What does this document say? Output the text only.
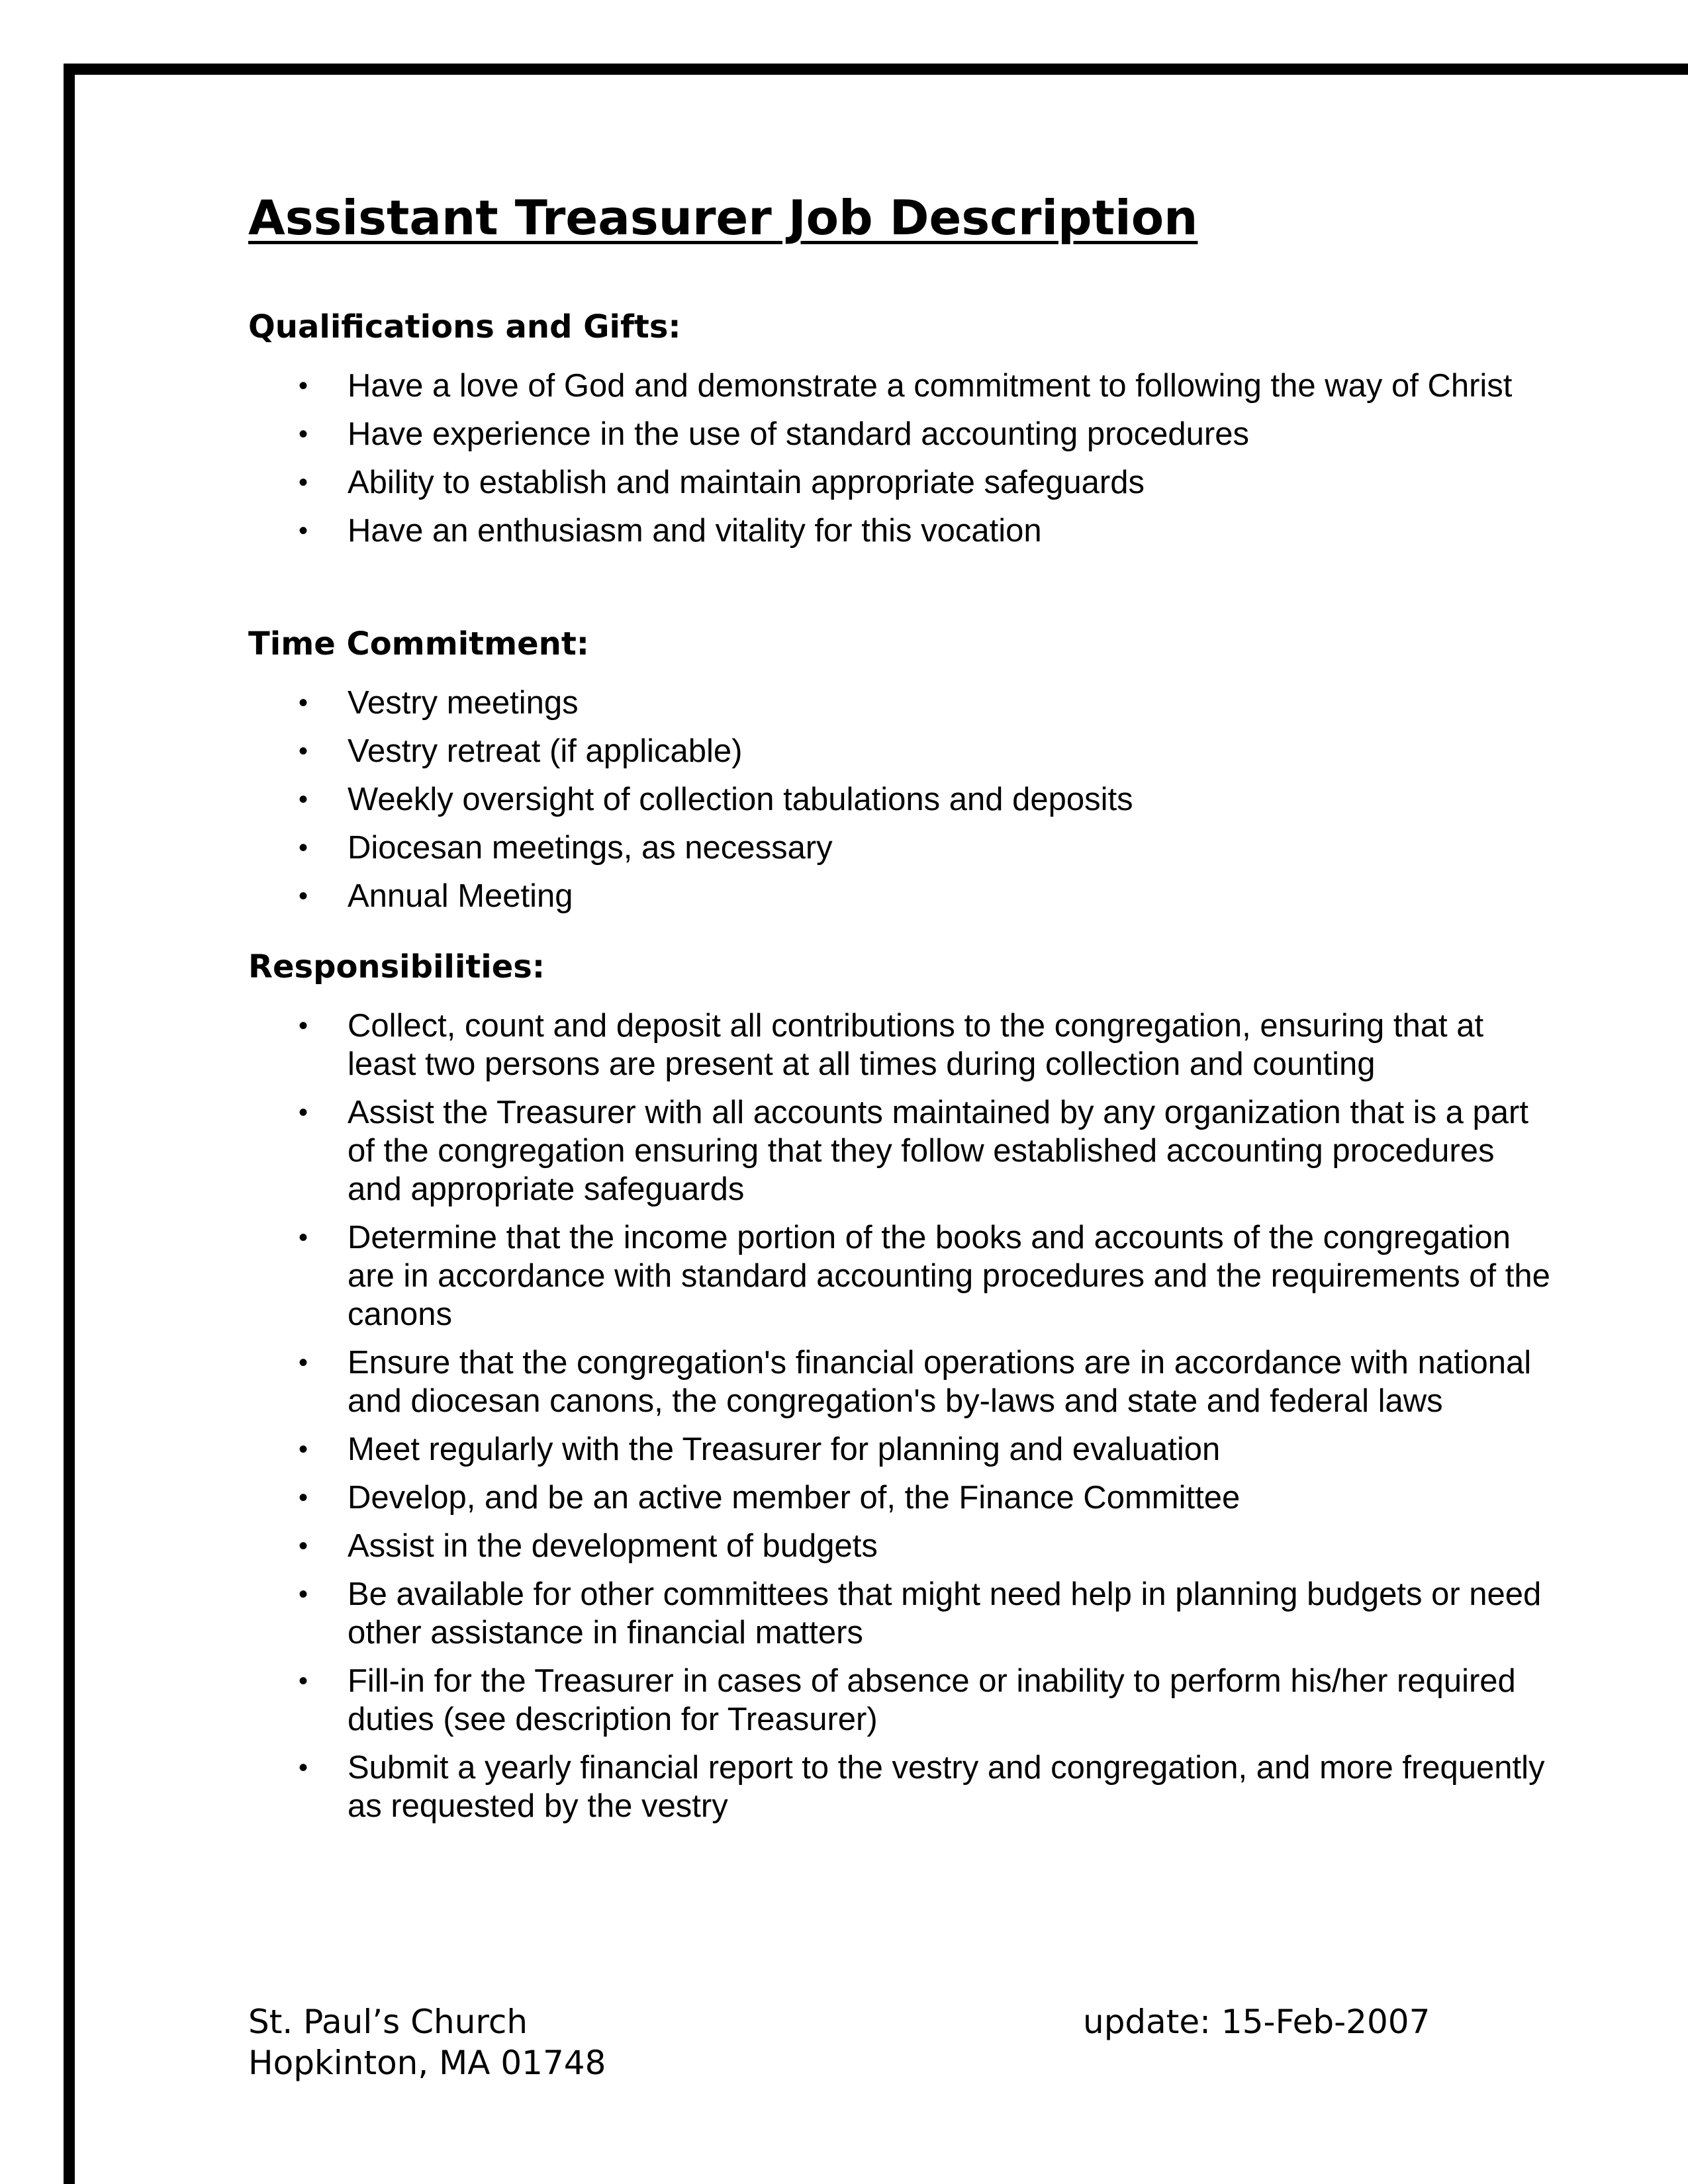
Assistant Treasurer Job Description
Qualifications and Gifts:
• Have a love of God and demonstrate a commitment to following the way of Christ
• Have experience in the use of standard accounting procedures
• Ability to establish and maintain appropriate safeguards
• Have an enthusiasm and vitality for this vocation
Time Commitment:
• Vestry meetings
• Vestry retreat (if applicable)
• Weekly oversight of collection tabulations and deposits
• Diocesan meetings, as necessary
• Annual Meeting
Responsibilities:
• Collect, count and deposit all contributions to the congregation, ensuring that at least two persons are present at all times during collection and counting
• Assist the Treasurer with all accounts maintained by any organization that is a part of the congregation ensuring that they follow established accounting procedures and appropriate safeguards
• Determine that the income portion of the books and accounts of the congregation are in accordance with standard accounting procedures and the requirements of the canons
• Ensure that the congregation's financial operations are in accordance with national and diocesan canons, the congregation's by-laws and state and federal laws
• Meet regularly with the Treasurer for planning and evaluation
• Develop, and be an active member of, the Finance Committee
• Assist in the development of budgets
• Be available for other committees that might need help in planning budgets or need other assistance in financial matters
• Fill-in for the Treasurer in cases of absence or inability to perform his/her required duties (see description for Treasurer)
• Submit a yearly financial report to the vestry and congregation, and more frequently as requested by the vestry
St. Paul’s Church
Hopkinton, MA 01748
update: 15-Feb-2007
